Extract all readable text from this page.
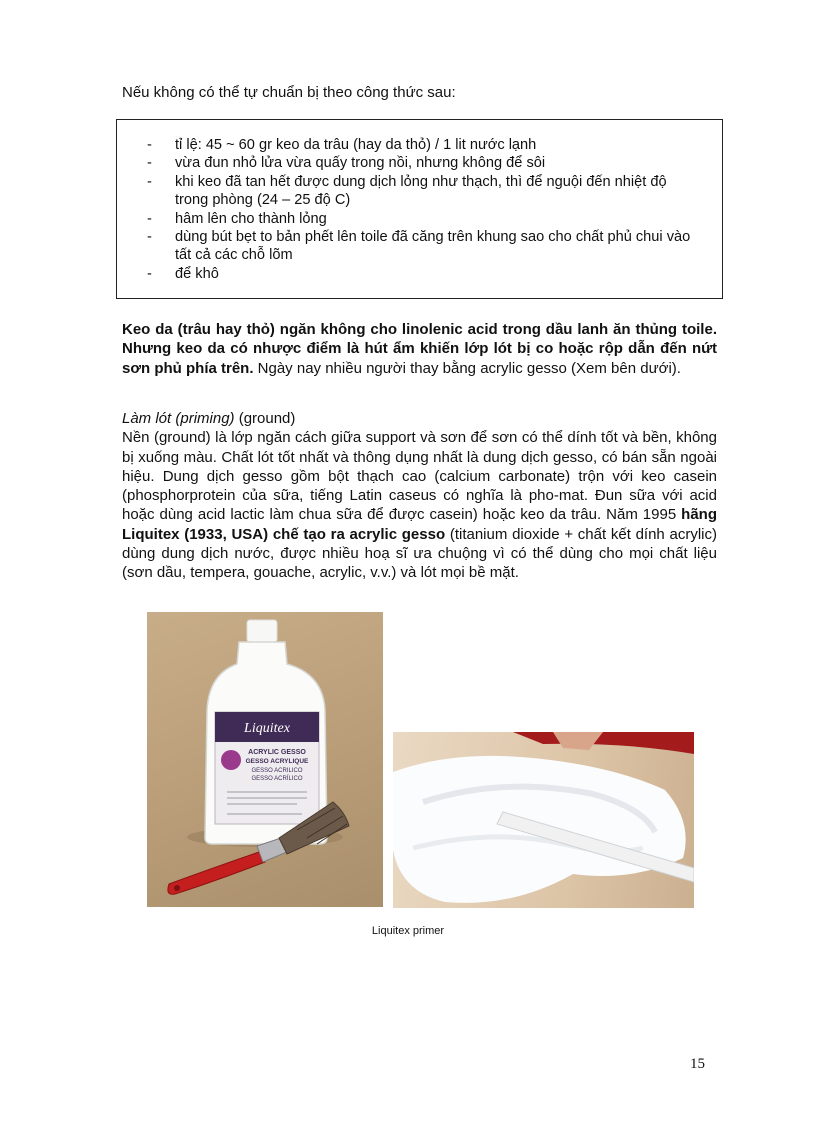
Nếu không có thể tự chuẩn bị theo công thức sau:
- tỉ lệ: 45 ~ 60 gr keo da trâu (hay da thỏ) / 1 lit nước lạnh
- vừa đun nhỏ lửa vừa quấy trong nồi, nhưng không để sôi
- khi keo đã tan hết được dung dịch lỏng như thạch, thì để nguội đến nhiệt độ trong phòng (24 – 25 độ C)
- hâm lên cho thành lỏng
- dùng bút bẹt to bản phết lên toile đã căng trên khung sao cho chất phủ chui vào tất cả các chỗ lõm
- để khô

Keo da (trâu hay thỏ) ngăn không cho linolenic acid trong dầu lanh ăn thủng toile. Nhưng keo da có nhược điểm là hút ẩm khiến lớp lót bị co hoặc rộp dẫn đến nứt sơn phủ phía trên. Ngày nay nhiều người thay bằng acrylic gesso (Xem bên dưới).

Làm lót (priming) (ground)
Nền (ground) là lớp ngăn cách giữa support và sơn để sơn có thể dính tốt và bền, không bị xuống màu. Chất lót tốt nhất và thông dụng nhất là dung dịch gesso, có bán sẵn ngoài hiệu. Dung dịch gesso gồm bột thạch cao (calcium carbonate) trộn với keo casein (phosphorprotein của sữa, tiếng Latin caseus có nghĩa là pho-mat. Đun sữa với acid hoặc dùng acid lactic làm chua sữa để được casein) hoặc keo da trâu. Năm 1995 hãng Liquitex (1933, USA) chế tạo ra acrylic gesso (titanium dioxide + chất kết dính acrylic) dùng dung dịch nước, được nhiều hoạ sĩ ưa chuộng vì có thể dùng cho mọi chất liệu (sơn dầu, tempera, gouache, acrylic, v.v.) và lót mọi bề mặt.

Liquitex
ACRYLIC GESSO
GESSO ACRYLIQUE
GESSO ACRILICO
GESSO ACRÍLICO
Liquitex primer
15
